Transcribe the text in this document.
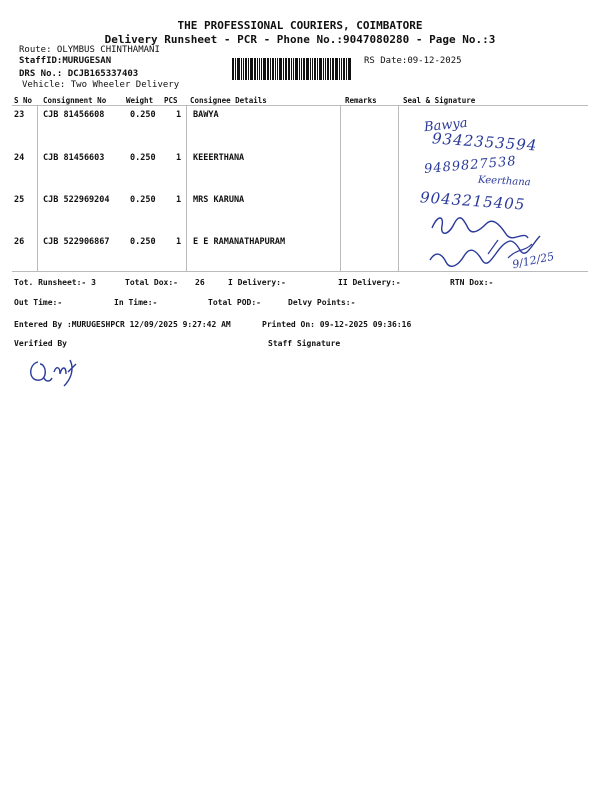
THE PROFESSIONAL COURIERS, COIMBATORE
Delivery Runsheet - PCR - Phone No.:9047080280 - Page No.:3
Route: OLYMBUS CHINTHAMANI
StaffID:MURUGESAN
DRS No.: DCJB165337403
Vehicle: Two Wheeler Delivery
RS Date:09-12-2025
S No Consignment No	Weight PCS Consignee Details	Remarks	Seal & Signature
23 CJB 81456608	0.250 1 BAWYA
24 CJB 81456603	0.250 1 KEEERTHANA
25 CJB 522969204 0.250 1 MRS KARUNA
26 CJB 522906867 0.250 1 E E RAMANATHAPURAM
Bawya
9342353594
9489827538
Keerthana
9043215405
9/12/25
Tot. Runsheet:- 3	Total Dox:- 26	I Delivery:-	II Delivery:-	RTN Dox:-
Out Time:-	In Time:-	Total POD:-	Delvy Points:-
Entered By :MURUGESHPCR 12/09/2025 9:27:42 AM	Printed On: 09-12-2025 09:36:16
Verified By	Staff Signature
